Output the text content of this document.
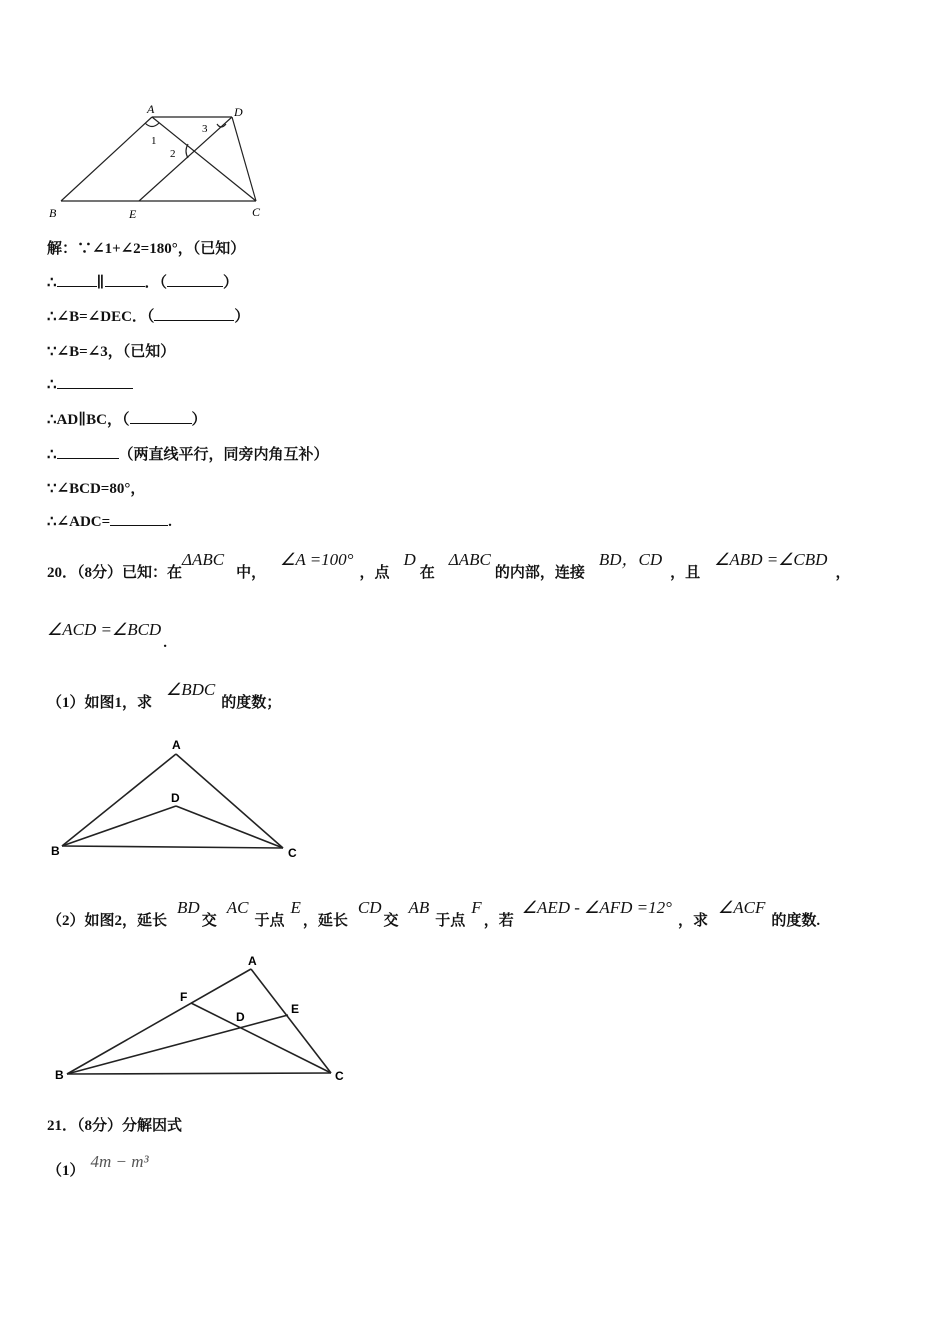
A	D
B	E	C
1
2
3
解：∵∠1+∠2=180°，（已知）
∴	∥	．（	）
∴∠B=∠DEC．（	）
∵∠B=∠3，（已知）
∴
∴AD∥BC，（	）
∴	（两直线平行，同旁内角互补）
∵∠BCD=80°，
∴∠ADC=	.
20．（8分）已知：在ΔABC中，∠A =100°，点D在ΔABC的内部，连接BD，CD，且∠ABD =∠CBD，
∠ACD =∠BCD.
（1）如图1，求∠BDC的度数；
A
D
B	C
（2）如图2，延长BD交AC于点E，延长CD交AB于点F，若∠AED - ∠AFD =12°，求∠ACF的度数.
A
F
D
E
B	C
21．（8分）分解因式
（1） 4m − m³
